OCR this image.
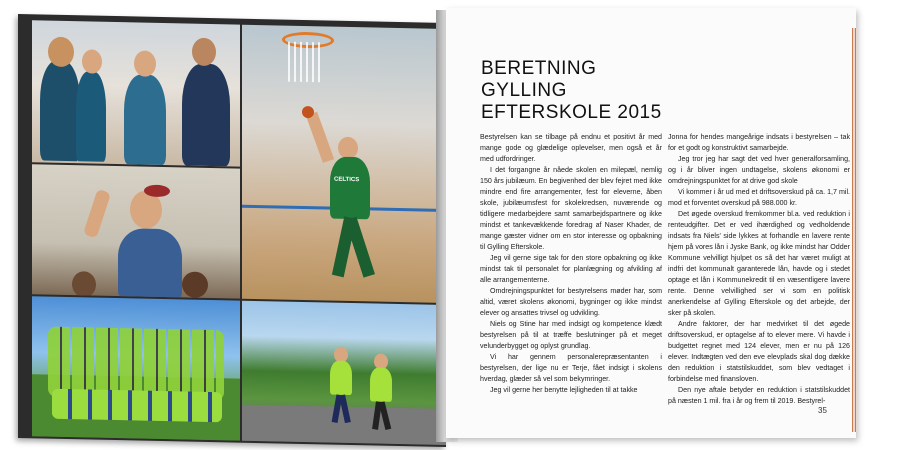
CELTICS
BERETNING GYLLING
EFTERSKOLE 2015

Bestyrelsen kan se tilbage på endnu et positivt år med mange gode og glædelige oplevelser, men også et år med udfordringer.

I det forgangne år nåede skolen en milepæl, nemlig 150 års jubilæum. En begivenhed der blev fejret med ikke mindre end fire arrangementer, fest for eleverne, åben skole, jubilæumsfest for skolekredsen, nuværende og tidligere medarbejdere samt samarbejdspartnere og ikke mindst et tankevækkende foredrag af Naser Khader, de mange gæster vidner om en stor interesse og opbakning til Gylling Efterskole.

Jeg vil gerne sige tak for den store opbakning og ikke mindst tak til personalet for planlægning og afvikling af alle arrangementerne.

Omdrejningspunktet for bestyrelsens møder har, som altid, været skolens økonomi, bygninger og ikke mindst elever og ansattes trivsel og udvikling.

Niels og Stine har med indsigt og kompetence klædt bestyrelsen på til at træffe beslutninger på et meget velunderbygget og oplyst grundlag.

Vi har gennem personalerepræsentanten i bestyrelsen, der lige nu er Terje, fået indsigt i skolens hverdag, glæder så vel som bekymringer.

Jeg vil gerne her benytte lejligheden til at takke

Jonna for hendes mangeårige indsats i bestyrelsen – tak for et godt og konstruktivt samarbejde.

Jeg tror jeg har sagt det ved hver generalforsamling, og i år bliver ingen undtagelse, skolens økonomi er omdrejningspunktet for at drive god skole

Vi kommer i år ud med et driftsoverskud på ca. 1,7 mil. mod et forventet overskud på 988.000 kr.

Det øgede overskud fremkommer bl.a. ved reduktion i renteudgifter. Det er ved ihærdighed og vedholdende indsats fra Niels' side lykkes at forhandle en lavere rente hjem på vores lån i Jyske Bank, og ikke mindst har Odder Kommune velvilligt hjulpet os så det har været muligt at indfri det kommunalt garanterede lån, havde og i stedet optage et lån i Kommunekredit til en væsentligere lavere rente. Denne velvillighed ser vi som en politisk anerkendelse af Gylling Efterskole og det arbejde, der sker på skolen.

Andre faktorer, der har medvirket til det øgede driftsoverskud, er optagelse af to elever mere. Vi havde i budgettet regnet med 124 elever, men er nu på 126 elever. Indtægten ved den eve elevplads skal dog dække den reduktion i statstilskuddet, som blev vedtaget i forbindelse med finansloven.

Den nye aftale betyder en reduktion i statstilskuddet på næsten 1 mil. fra i år og frem til 2019. Bestyrel-

35
